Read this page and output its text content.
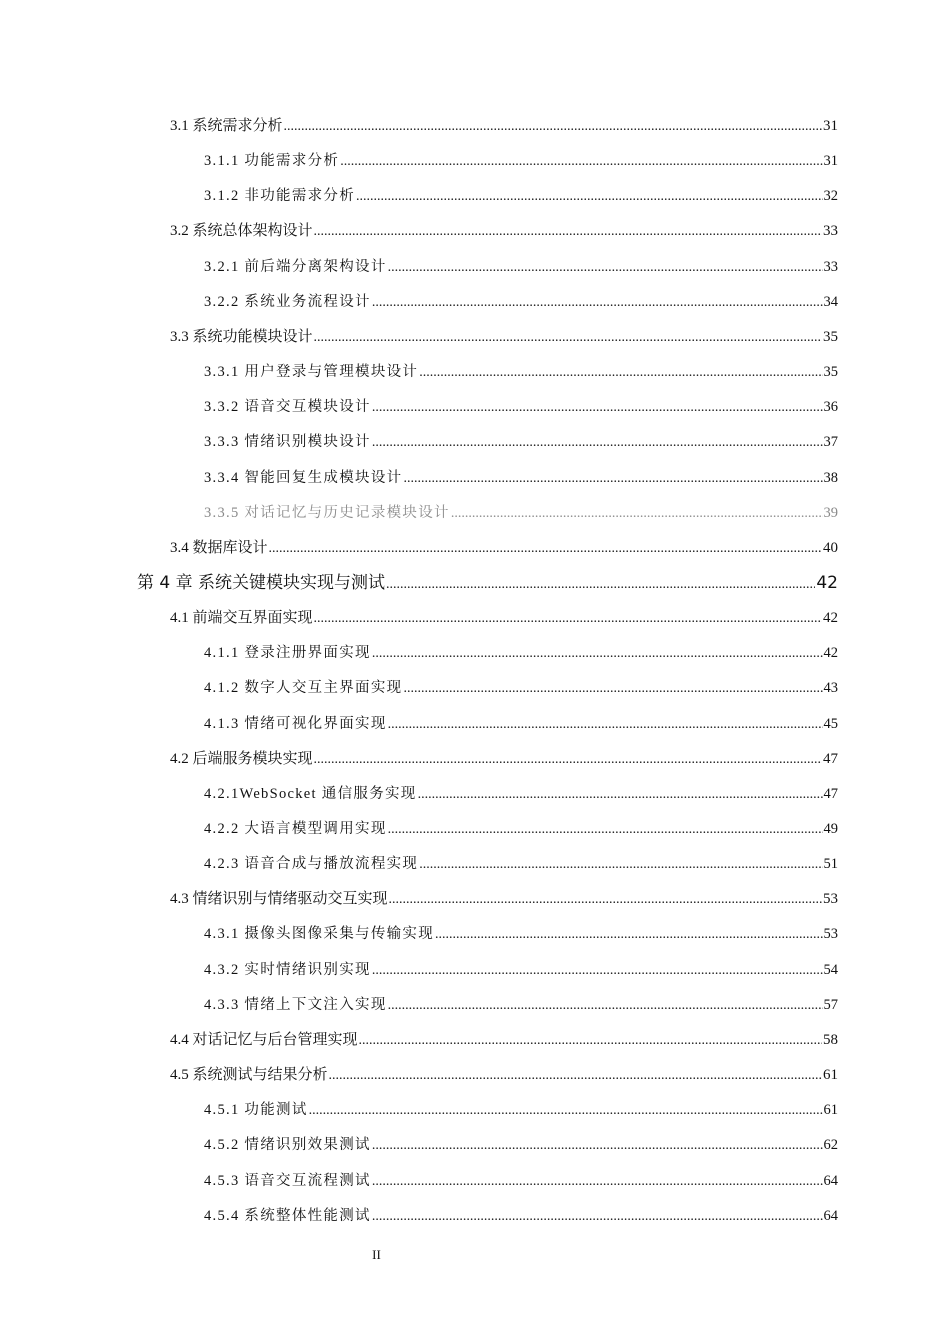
3.1 系统需求分析 .....	31
3.1.1 功能需求分析 .....	31
3.1.2 非功能需求分析 .....	32
3.2 系统总体架构设计 .....	33
3.2.1 前后端分离架构设计 .....	33
3.2.2 系统业务流程设计 .....	34
3.3 系统功能模块设计 .....	35
3.3.1 用户登录与管理模块设计 .....	35
3.3.2 语音交互模块设计 .....	36
3.3.3 情绪识别模块设计 .....	37
3.3.4 智能回复生成模块设计 .....	38
3.3.5 对话记忆与历史记录模块设计 .....	39
3.4 数据库设计 .....	40
第 4 章 系统关键模块实现与测试 .....	42
4.1 前端交互界面实现 .....	42
4.1.1 登录注册界面实现 .....	42
4.1.2 数字人交互主界面实现 .....	43
4.1.3 情绪可视化界面实现 .....	45
4.2 后端服务模块实现 .....	47
4.2.1WebSocket 通信服务实现 .....	47
4.2.2 大语言模型调用实现 .....	49
4.2.3 语音合成与播放流程实现 .....	51
4.3 情绪识别与情绪驱动交互实现 .....	53
4.3.1 摄像头图像采集与传输实现 .....	53
4.3.2 实时情绪识别实现 .....	54
4.3.3 情绪上下文注入实现 .....	57
4.4 对话记忆与后台管理实现 .....	58
4.5 系统测试与结果分析 .....	61
4.5.1 功能测试 .....	61
4.5.2 情绪识别效果测试 .....	62
4.5.3 语音交互流程测试 .....	64
4.5.4 系统整体性能测试 .....	64
II
